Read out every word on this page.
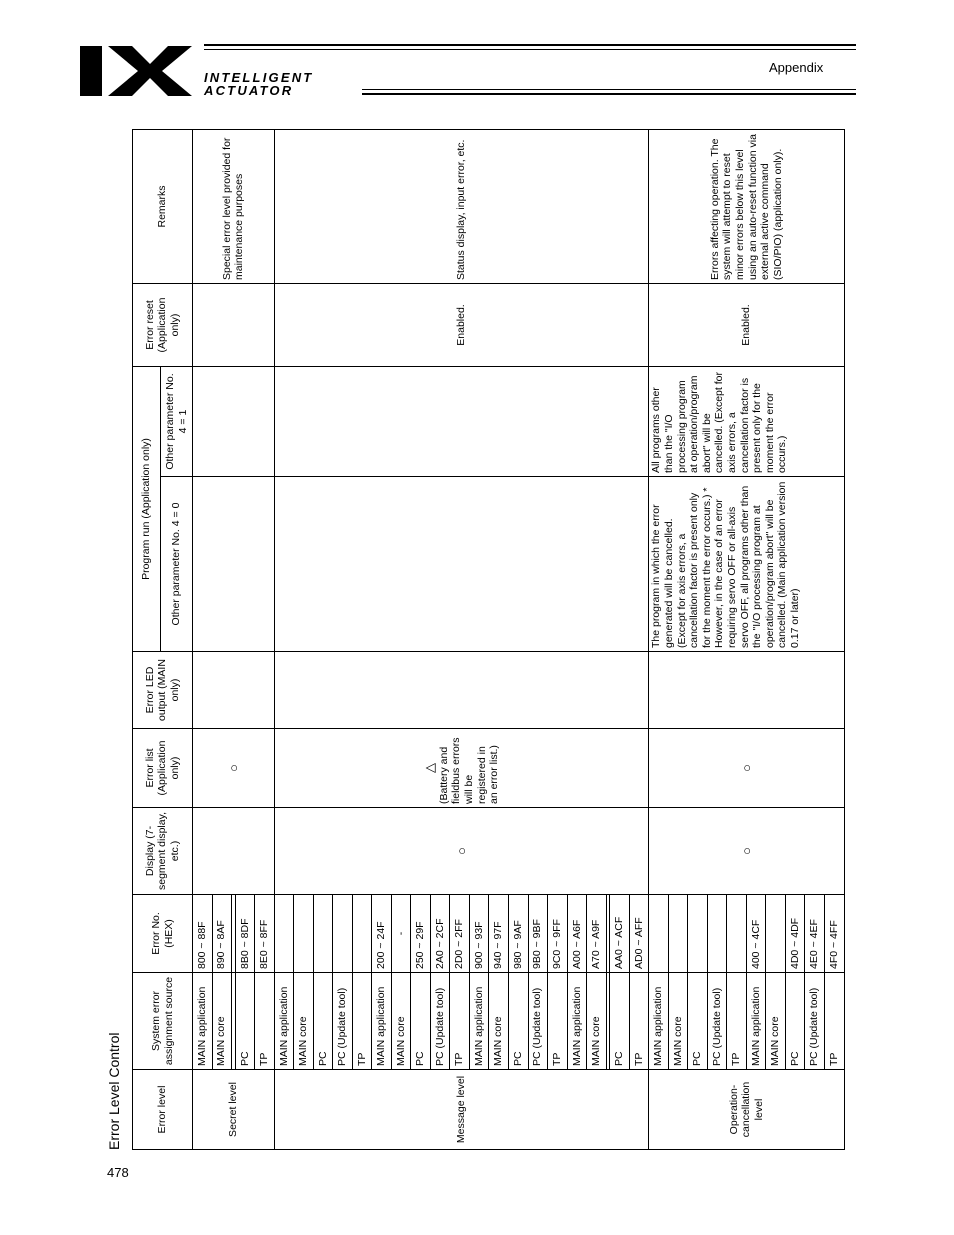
INTELLIGENT
ACTUATOR
Appendix
478
Error Level Control	Error level	System error assignment source	Error No. (HEX)	Display (7-segment display, etc.)	Error list (Application only)	Error LED output (MAIN only)	Program run (Application only)		Error reset (Application only)	Remarks
						Other parameter No. 4 = 0	Other parameter No. 4 = 1		
Secret level	MAIN application	800 ~ 88F		○					Special error level provided for maintenance purposes
	MAIN core	890 ~ 8AF							

	PC	8B0 ~ 8DF							
	TP	8E0 ~ 8FF							
Message level	MAIN application		○	△ (Battery and fieldbus errors will be registered in an error list.)				Enabled.	Status display, input error, etc.
	MAIN core								
	PC								
	PC (Update tool)								
	TP								
	MAIN application	200 ~ 24F							
	MAIN core	-							
	PC	250 ~ 29F							
	PC (Update tool)	2A0 ~ 2CF							
	TP	2D0 ~ 2FF							
	MAIN application	900 ~ 93F							
	MAIN core	940 ~ 97F							
	PC	980 ~ 9AF							
	PC (Update tool)	9B0 ~ 9BF							
	TP	9C0 ~ 9FF							
	MAIN application	A00 ~ A6F							
	MAIN core	A70 ~ A9F							

	PC	AA0 ~ ACF							
	TP	AD0 ~ AFF							
Operation-cancellation level	MAIN application		○	○		The program in which the error generated will be cancelled. (Except for axis errors, a cancellation factor is present only for the moment the error occurs.) * However, in the case of an error requiring servo OFF or all-axis servo OFF, all programs other than the "I/O processing program at operation/program abort" will be cancelled. (Main application version 0.17 or later)	All programs other than the "I/O processing program at operation/program abort" will be cancelled. (Except for axis errors, a cancellation factor is present only for the moment the error occurs.)	Enabled.	Errors affecting operation. The system will attempt to reset minor errors below this level using an auto-reset function via external active command (SIO/PIO) (application only).
	MAIN core								
	PC								
	PC (Update tool)								
	TP								
	MAIN application	400 ~ 4CF							
	MAIN core								
	PC	4D0 ~ 4DF							
	PC (Update tool)	4E0 ~ 4EF							
	TP	4F0 ~ 4FF							
